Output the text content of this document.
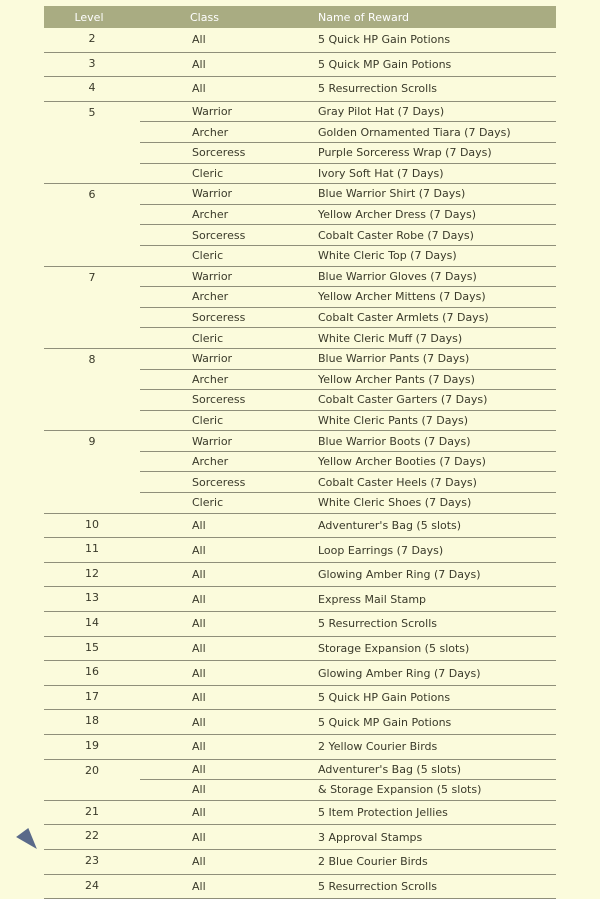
Level	Class	Name of Reward
2	All	5 Quick HP Gain Potions
3	All	5 Quick MP Gain Potions
4	All	5 Resurrection Scrolls
5	Warrior	Gray Pilot Hat (7 Days)
	Archer	Golden Ornamented Tiara (7 Days)
	Sorceress	Purple Sorceress Wrap (7 Days)
	Cleric	Ivory Soft Hat (7 Days)
6	Warrior	Blue Warrior Shirt (7 Days)
	Archer	Yellow Archer Dress (7 Days)
	Sorceress	Cobalt Caster Robe (7 Days)
	Cleric	White Cleric Top (7 Days)
7	Warrior	Blue Warrior Gloves (7 Days)
	Archer	Yellow Archer Mittens (7 Days)
	Sorceress	Cobalt Caster Armlets (7 Days)
	Cleric	White Cleric Muff (7 Days)
8	Warrior	Blue Warrior Pants (7 Days)
	Archer	Yellow Archer Pants (7 Days)
	Sorceress	Cobalt Caster Garters (7 Days)
	Cleric	White Cleric Pants (7 Days)
9	Warrior	Blue Warrior Boots (7 Days)
	Archer	Yellow Archer Booties (7 Days)
	Sorceress	Cobalt Caster Heels (7 Days)
	Cleric	White Cleric Shoes (7 Days)
10	All	Adventurer's Bag (5 slots)
11	All	Loop Earrings (7 Days)
12	All	Glowing Amber Ring (7 Days)
13	All	Express Mail Stamp
14	All	5 Resurrection Scrolls
15	All	Storage Expansion (5 slots)
16	All	Glowing Amber Ring (7 Days)
17	All	5 Quick HP Gain Potions
18	All	5 Quick MP Gain Potions
19	All	2 Yellow Courier Birds
20	All	Adventurer's Bag (5 slots)
	All	& Storage Expansion (5 slots)
21	All	5 Item Protection Jellies
22	All	3 Approval Stamps
23	All	2 Blue Courier Birds
24	All	5 Resurrection Scrolls
